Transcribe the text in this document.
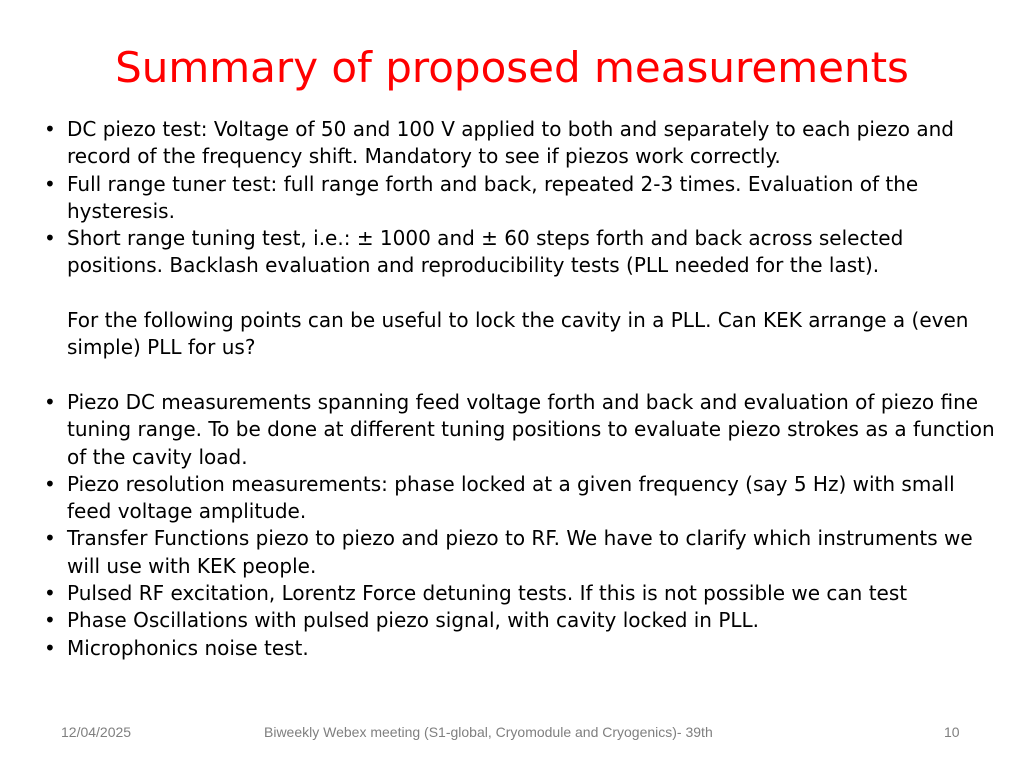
Summary of proposed measurements
• DC piezo test: Voltage of 50 and 100 V applied to both and separately to each piezo and record of the frequency shift. Mandatory to see if piezos work correctly.
• Full range tuner test: full range forth and back, repeated 2-3 times. Evaluation of the hysteresis.
• Short range tuning test, i.e.: ± 1000 and ± 60 steps forth and back across selected positions. Backlash evaluation and reproducibility tests (PLL needed for the last).
For the following points can be useful to lock the cavity in a PLL. Can KEK arrange a (even simple) PLL for us?
• Piezo DC measurements spanning feed voltage forth and back and evaluation of piezo fine tuning range. To be done at different tuning positions to evaluate piezo strokes as a function of the cavity load.
• Piezo resolution measurements: phase locked at a given frequency (say 5 Hz) with small feed voltage amplitude.
• Transfer Functions piezo to piezo and piezo to RF. We have to clarify which instruments we will use with KEK people.
• Pulsed RF excitation, Lorentz Force detuning tests. If this is not possible we can test
• Phase Oscillations with pulsed piezo signal, with cavity locked in PLL.
• Microphonics noise test.
12/04/2025	Biweekly Webex meeting (S1-global, Cryomodule and Cryogenics)- 39th	10
